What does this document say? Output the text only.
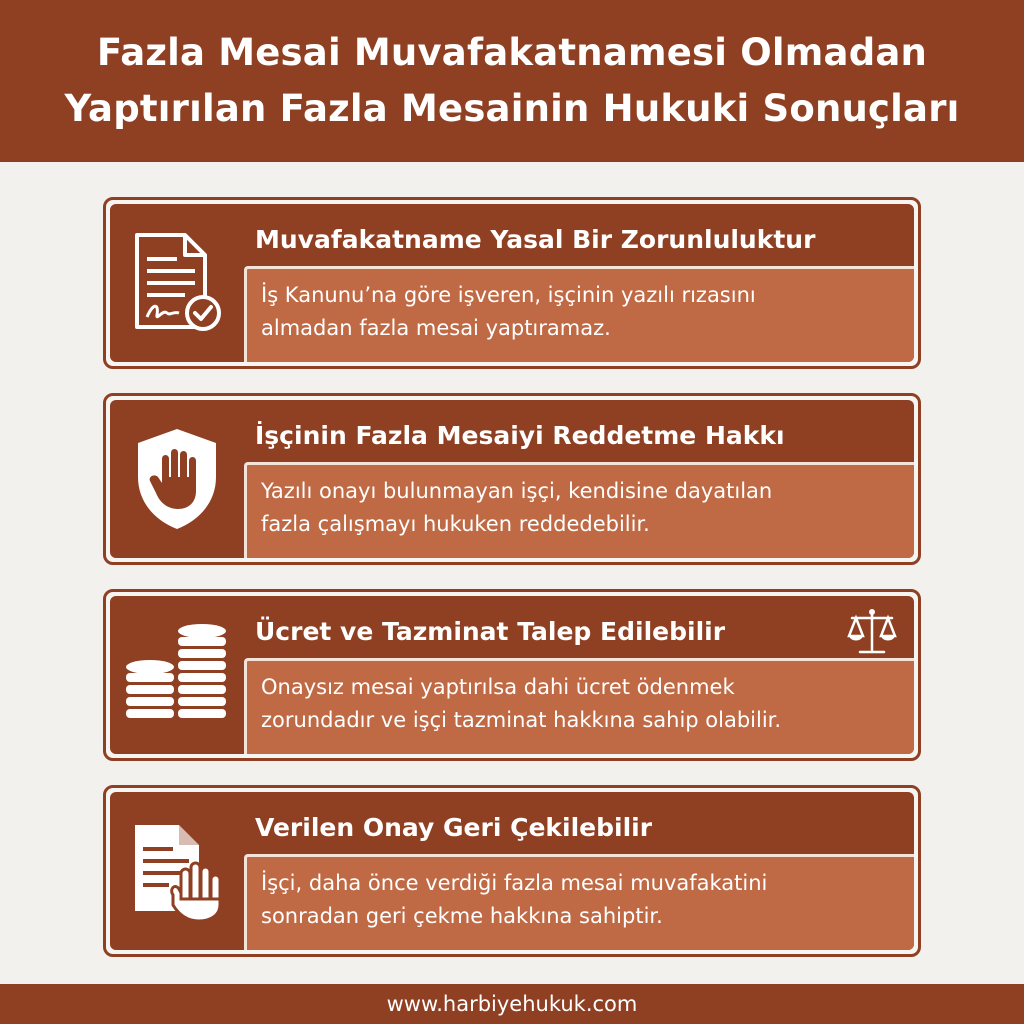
Fazla Mesai Muvafakatnamesi Olmadan
Yaptırılan Fazla Mesainin Hukuki Sonuçları
Muvafakatname Yasal Bir Zorunluluktur
İş Kanunu’na göre işveren, işçinin yazılı rızasını
almadan fazla mesai yaptıramaz.
İşçinin Fazla Mesaiyi Reddetme Hakkı
Yazılı onayı bulunmayan işçi, kendisine dayatılan
fazla çalışmayı hukuken reddedebilir.
Ücret ve Tazminat Talep Edilebilir
Onaysız mesai yaptırılsa dahi ücret ödenmek
zorundadır ve işçi tazminat hakkına sahip olabilir.
Verilen Onay Geri Çekilebilir
İşçi, daha önce verdiği fazla mesai muvafakatini
sonradan geri çekme hakkına sahiptir.
www.harbiyehukuk.com
